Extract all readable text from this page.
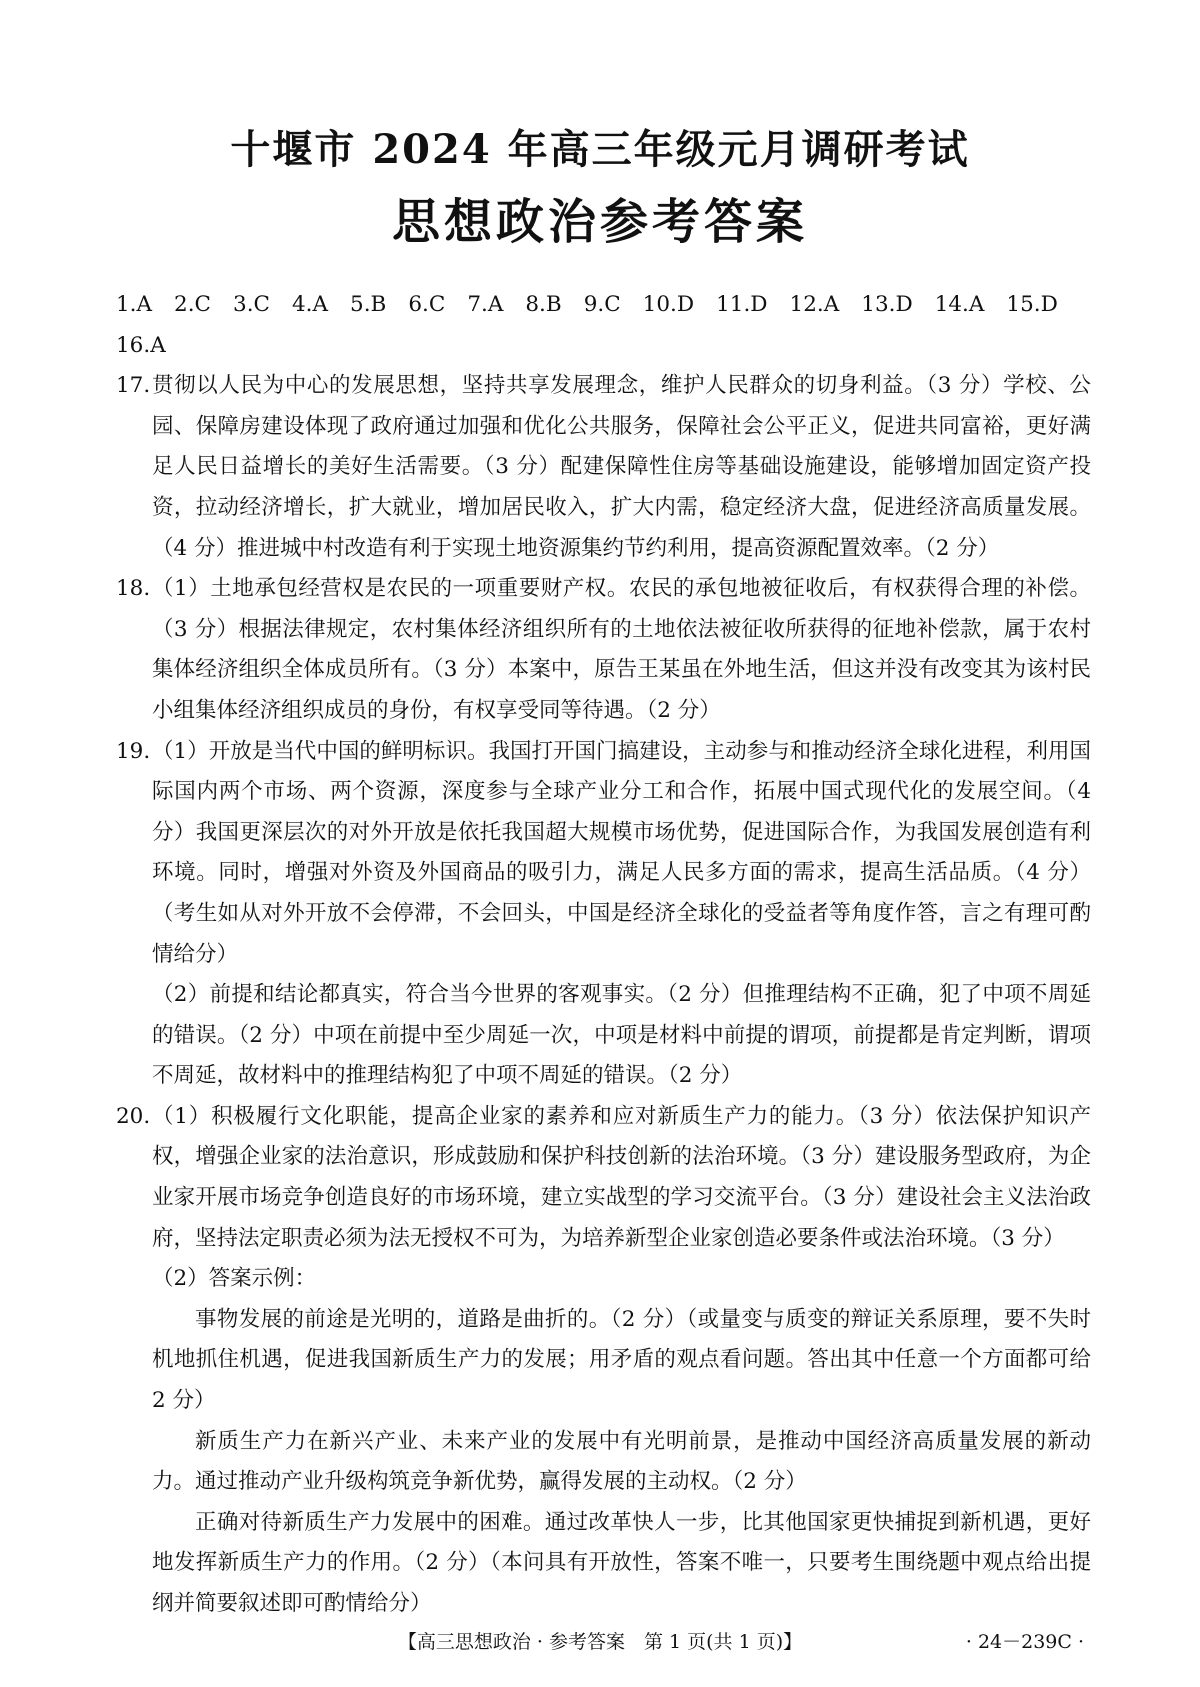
十堰市 2024 年高三年级元月调研考试
思想政治参考答案
1.A 2.C 3.C 4.A 5.B 6.C 7.A 8.B 9.C 10.D 11.D 12.A 13.D 14.A 15.D
16.A
17. 贯彻以人民为中心的发展思想，坚持共享发展理念，维护人民群众的切身利益。（3 分）学校、公园、保障房建设体现了政府通过加强和优化公共服务，保障社会公平正义，促进共同富裕，更好满足人民日益增长的美好生活需要。（3 分）配建保障性住房等基础设施建设，能够增加固定资产投资，拉动经济增长，扩大就业，增加居民收入，扩大内需，稳定经济大盘，促进经济高质量发展。（4 分）推进城中村改造有利于实现土地资源集约节约利用，提高资源配置效率。（2 分）

18. （1）土地承包经营权是农民的一项重要财产权。农民的承包地被征收后，有权获得合理的补偿。（3 分）根据法律规定，农村集体经济组织所有的土地依法被征收所获得的征地补偿款，属于农村集体经济组织全体成员所有。（3 分）本案中，原告王某虽在外地生活，但这并没有改变其为该村民小组集体经济组织成员的身份，有权享受同等待遇。（2 分）

19. （1）开放是当代中国的鲜明标识。我国打开国门搞建设，主动参与和推动经济全球化进程，利用国际国内两个市场、两个资源，深度参与全球产业分工和合作，拓展中国式现代化的发展空间。（4 分）我国更深层次的对外开放是依托我国超大规模市场优势，促进国际合作，为我国发展创造有利环境。同时，增强对外资及外国商品的吸引力，满足人民多方面的需求，提高生活品质。（4 分）（考生如从对外开放不会停滞，不会回头，中国是经济全球化的受益者等角度作答，言之有理可酌情给分）

（2）前提和结论都真实，符合当今世界的客观事实。（2 分）但推理结构不正确，犯了中项不周延的错误。（2 分）中项在前提中至少周延一次，中项是材料中前提的谓项，前提都是肯定判断，谓项不周延，故材料中的推理结构犯了中项不周延的错误。（2 分）

20. （1）积极履行文化职能，提高企业家的素养和应对新质生产力的能力。（3 分）依法保护知识产权，增强企业家的法治意识，形成鼓励和保护科技创新的法治环境。（3 分）建设服务型政府，为企业家开展市场竞争创造良好的市场环境，建立实战型的学习交流平台。（3 分）建设社会主义法治政府，坚持法定职责必须为法无授权不可为，为培养新型企业家创造必要条件或法治环境。（3 分）

（2）答案示例：

事物发展的前途是光明的，道路是曲折的。（2 分）（或量变与质变的辩证关系原理，要不失时机地抓住机遇，促进我国新质生产力的发展；用矛盾的观点看问题。答出其中任意一个方面都可给 2 分）

新质生产力在新兴产业、未来产业的发展中有光明前景，是推动中国经济高质量发展的新动力。通过推动产业升级构筑竞争新优势，赢得发展的主动权。（2 分）

正确对待新质生产力发展中的困难。通过改革快人一步，比其他国家更快捕捉到新机遇，更好地发挥新质生产力的作用。（2 分）（本问具有开放性，答案不唯一，只要考生围绕题中观点给出提纲并简要叙述即可酌情给分）

【高三思想政治 · 参考答案　第 1 页(共 1 页)】	· 24－239C ·
